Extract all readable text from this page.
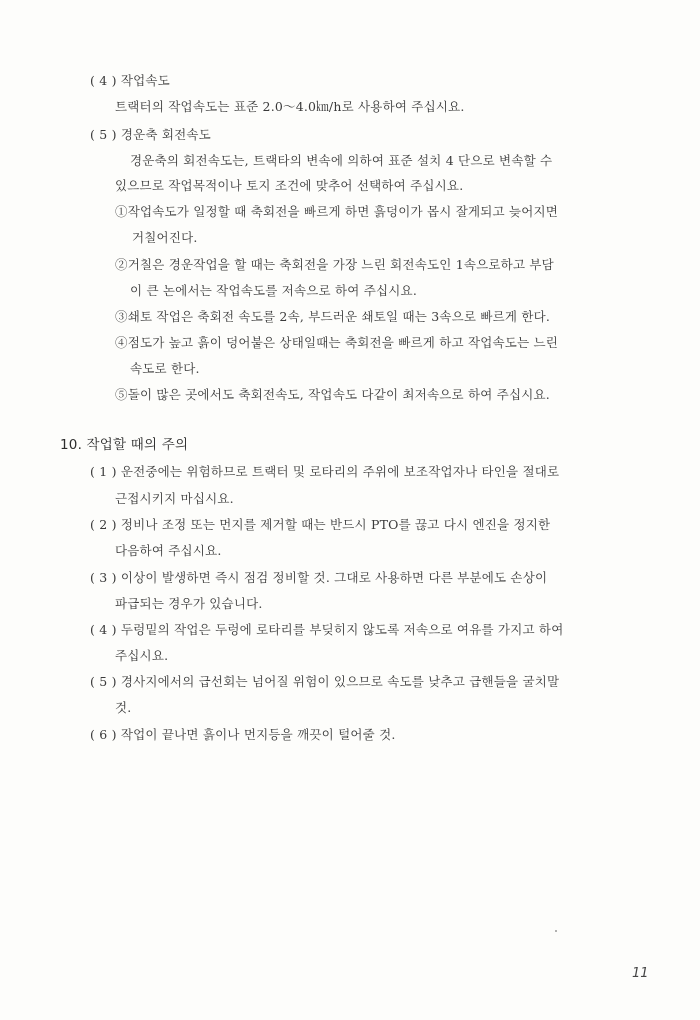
( 4 ) 작업속도
트랙터의 작업속도는 표준 2.0～4.0㎞/h로 사용하여 주십시요.
( 5 ) 경운축 회전속도
경운축의 회전속도는, 트랙타의 변속에 의하여 표준 설치 4 단으로 변속할 수
있으므로 작업목적이나 토지 조건에 맞추어 선택하여 주십시요.
①작업속도가 일정할 때 축회전을 빠르게 하면 흙덩이가 몹시 잘게되고 늦어지면
거칠어진다.
②거칠은 경운작업을 할 때는 축회전을 가장 느린 회전속도인 1속으로하고 부담
이 큰 논에서는 작업속도를 저속으로 하여 주십시요.
③쇄토 작업은 축회전 속도를 2속, 부드러운 쇄토일 때는 3속으로 빠르게 한다.
④점도가 높고 흙이 덩어붙은 상태일때는 축회전을 빠르게 하고 작업속도는 느린
속도로 한다.
⑤돌이 많은 곳에서도 축회전속도, 작업속도 다같이 최저속으로 하여 주십시요.
10. 작업할 때의 주의
( 1 ) 운전중에는 위험하므로 트랙터 및 로타리의 주위에 보조작업자나 타인을 절대로
근접시키지 마십시요.
( 2 ) 정비나 조정 또는 먼지를 제거할 때는 반드시 PTO를 끊고 다시 엔진을 정지한
다음하여 주십시요.
( 3 ) 이상이 발생하면 즉시 점검 정비할 것. 그대로 사용하면 다른 부분에도 손상이
파급되는 경우가 있습니다.
( 4 ) 두렁밑의 작업은 두렁에 로타리를 부딪히지 않도록 저속으로 여유를 가지고 하여
주십시요.
( 5 ) 경사지에서의 급선회는 넘어질 위험이 있으므로 속도를 낮추고 급핸들을 굴치말
것.
( 6 ) 작업이 끝나면 흙이나 먼지등을 깨끗이 털어줄 것.
11
